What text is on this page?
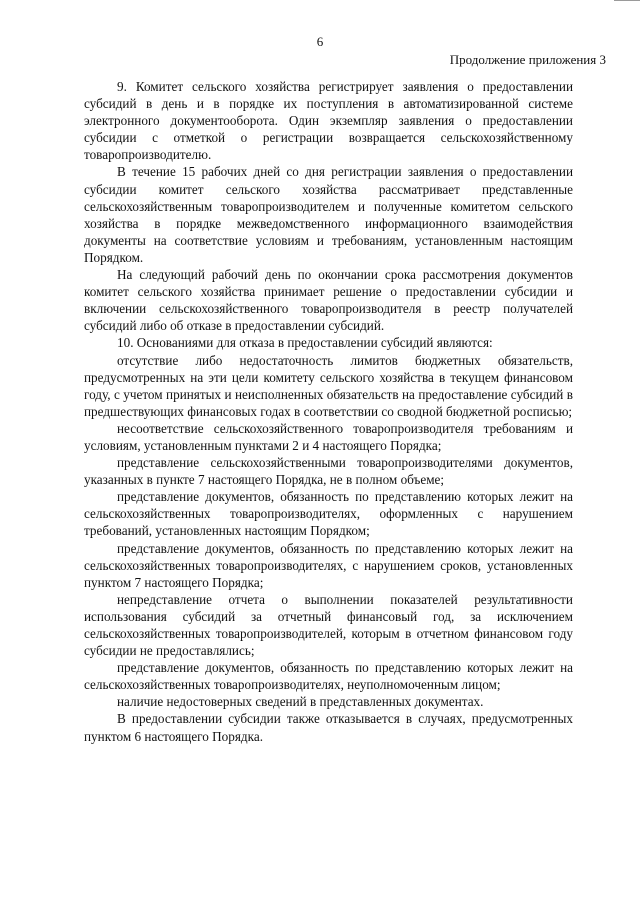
6
Продолжение приложения 3

9. Комитет сельского хозяйства регистрирует заявления о предоставлении субсидий в день и в порядке их поступления в автоматизированной системе электронного документооборота. Один экземпляр заявления о предоставлении субсидии с отметкой о регистрации возвращается сельскохозяйственному товаропроизводителю.

В течение 15 рабочих дней со дня регистрации заявления о предоставлении субсидии комитет сельского хозяйства рассматривает представленные сельскохозяйственным товаропроизводителем и полученные комитетом сельского хозяйства в порядке межведомственного информационного взаимодействия документы на соответствие условиям и требованиям, установленным настоящим Порядком.

На следующий рабочий день по окончании срока рассмотрения документов комитет сельского хозяйства принимает решение о предоставлении субсидии и включении сельскохозяйственного товаропроизводителя в реестр получателей субсидий либо об отказе в предоставлении субсидий.

10. Основаниями для отказа в предоставлении субсидий являются:

отсутствие либо недостаточность лимитов бюджетных обязательств, предусмотренных на эти цели комитету сельского хозяйства в текущем финансовом году, с учетом принятых и неисполненных обязательств на предоставление субсидий в предшествующих финансовых годах в соответствии со сводной бюджетной росписью;

несоответствие сельскохозяйственного товаропроизводителя требованиям и условиям, установленным пунктами 2 и 4 настоящего Порядка;

представление сельскохозяйственными товаропроизводителями документов, указанных в пункте 7 настоящего Порядка, не в полном объеме;

представление документов, обязанность по представлению которых лежит на сельскохозяйственных товаропроизводителях, оформленных с нарушением требований, установленных настоящим Порядком;

представление документов, обязанность по представлению которых лежит на сельскохозяйственных товаропроизводителях, с нарушением сроков, установленных пунктом 7 настоящего Порядка;

непредставление отчета о выполнении показателей результативности использования субсидий за отчетный финансовый год, за исключением сельскохозяйственных товаропроизводителей, которым в отчетном финансовом году субсидии не предоставлялись;

представление документов, обязанность по представлению которых лежит на сельскохозяйственных товаропроизводителях, неуполномоченным лицом;

наличие недостоверных сведений в представленных документах.

В предоставлении субсидии также отказывается в случаях, предусмотренных пунктом 6 настоящего Порядка.
